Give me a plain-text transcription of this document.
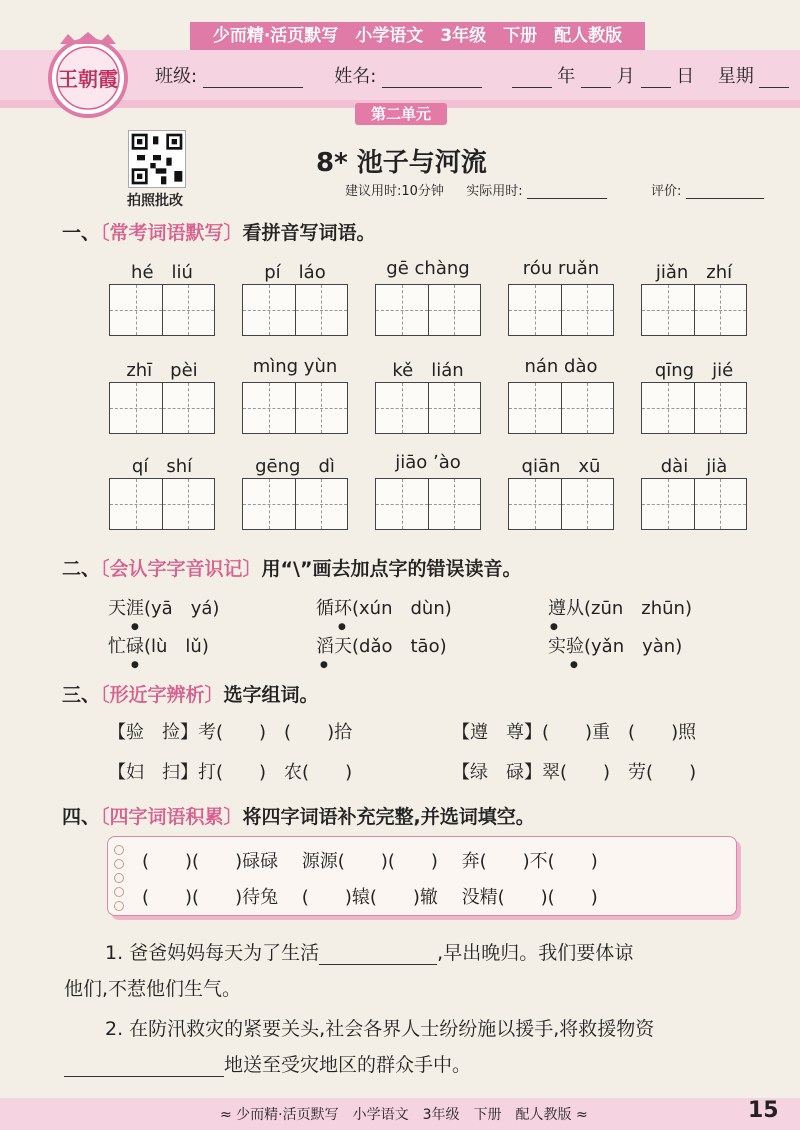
少而精·活页默写　小学语文　3年级　下册　配人教版
王朝霞 班级:	姓名:	年 月 日 星期
第二单元
拍照批改
8* 池子与河流
建议用时:10分钟 实际用时:	评价:
一、〔常考词语默写〕看拼音写词语。
hé　liú	pí　láo	gē chàng	róu ruǎn	jiǎn　zhí
zhī　pèi	mìng yùn	kě　lián	nán dào	qīng　jié
qí　shí	gēng　dì	jiāo ʼào	qiān　xū	dài　jià
二、〔会认字字音识记〕用“\”画去加点字的错误读音。
天涯(yā　yá)	循环(xún　dùn)	遵从(zūn　zhūn)
忙碌(lù　lǔ)	滔天(dǎo　tāo)	实验(yǎn　yàn)
●	●	●
●	●	●
三、〔形近字辨析〕选字组词。
【验　捡】考(　　)　(　　)拾	【遵　尊】(　　)重　(　　)照
【妇　扫】打(　　)　农(　　)	【绿　碌】翠(　　)　劳(　　)
四、〔四字词语积累〕将四字词语补充完整,并选词填空。
(　　)(　　)碌碌　 源源(　　)(　　)　 奔(　　)不(　　)
(　　)(　　)待兔　 (　　)辕(　　)辙　 没精(　　)(　　)
1. 爸爸妈妈每天为了生活	,早出晚归。我们要体谅
他们,不惹他们生气。
2. 在防汛救灾的紧要关头,社会各界人士纷纷施以援手,将救援物资
地送至受灾地区的群众手中。
≈ 少而精·活页默写　小学语文　3年级　下册　配人教版 ≈	15
